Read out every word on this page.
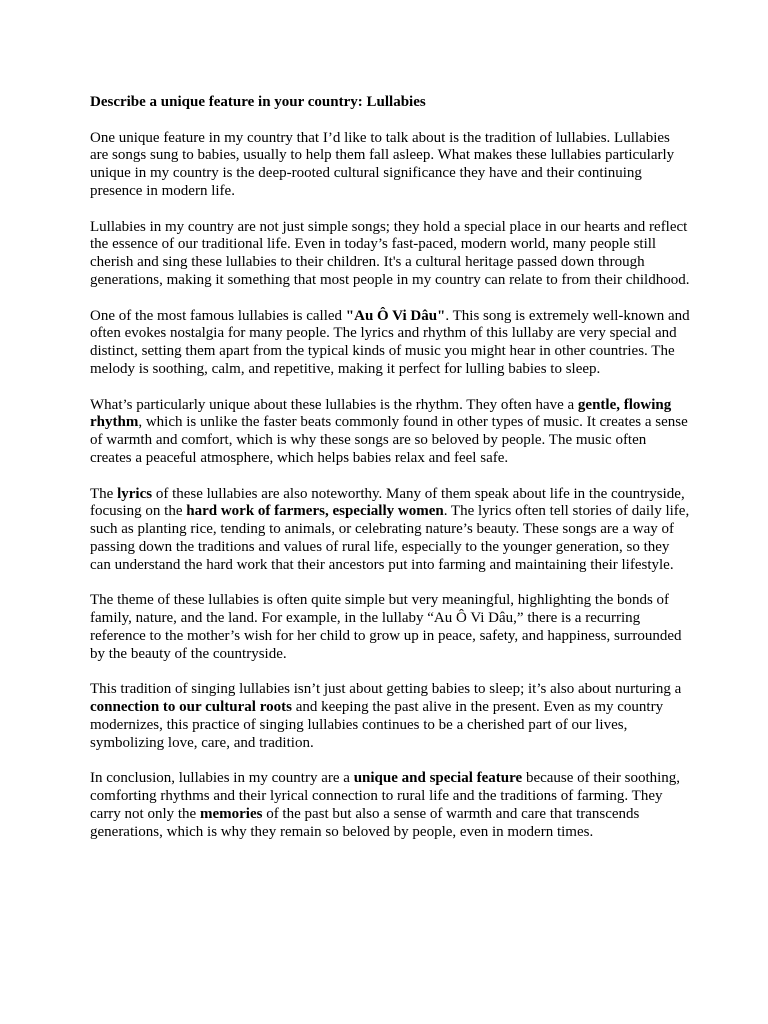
Describe a unique feature in your country: Lullabies

One unique feature in my country that I’d like to talk about is the tradition of lullabies. Lullabies are songs sung to babies, usually to help them fall asleep. What makes these lullabies particularly unique in my country is the deep-rooted cultural significance they have and their continuing presence in modern life.

Lullabies in my country are not just simple songs; they hold a special place in our hearts and reflect the essence of our traditional life. Even in today’s fast-paced, modern world, many people still cherish and sing these lullabies to their children. It's a cultural heritage passed down through generations, making it something that most people in my country can relate to from their childhood.

One of the most famous lullabies is called "Au Ô Vi Dâu". This song is extremely well-known and often evokes nostalgia for many people. The lyrics and rhythm of this lullaby are very special and distinct, setting them apart from the typical kinds of music you might hear in other countries. The melody is soothing, calm, and repetitive, making it perfect for lulling babies to sleep.

What’s particularly unique about these lullabies is the rhythm. They often have a gentle, flowing rhythm, which is unlike the faster beats commonly found in other types of music. It creates a sense of warmth and comfort, which is why these songs are so beloved by people. The music often creates a peaceful atmosphere, which helps babies relax and feel safe.

The lyrics of these lullabies are also noteworthy. Many of them speak about life in the countryside, focusing on the hard work of farmers, especially women. The lyrics often tell stories of daily life, such as planting rice, tending to animals, or celebrating nature’s beauty. These songs are a way of passing down the traditions and values of rural life, especially to the younger generation, so they can understand the hard work that their ancestors put into farming and maintaining their lifestyle.

The theme of these lullabies is often quite simple but very meaningful, highlighting the bonds of family, nature, and the land. For example, in the lullaby “Au Ô Vi Dâu,” there is a recurring reference to the mother’s wish for her child to grow up in peace, safety, and happiness, surrounded by the beauty of the countryside.

This tradition of singing lullabies isn’t just about getting babies to sleep; it’s also about nurturing a connection to our cultural roots and keeping the past alive in the present. Even as my country modernizes, this practice of singing lullabies continues to be a cherished part of our lives, symbolizing love, care, and tradition.

In conclusion, lullabies in my country are a unique and special feature because of their soothing, comforting rhythms and their lyrical connection to rural life and the traditions of farming. They carry not only the memories of the past but also a sense of warmth and care that transcends generations, which is why they remain so beloved by people, even in modern times.
